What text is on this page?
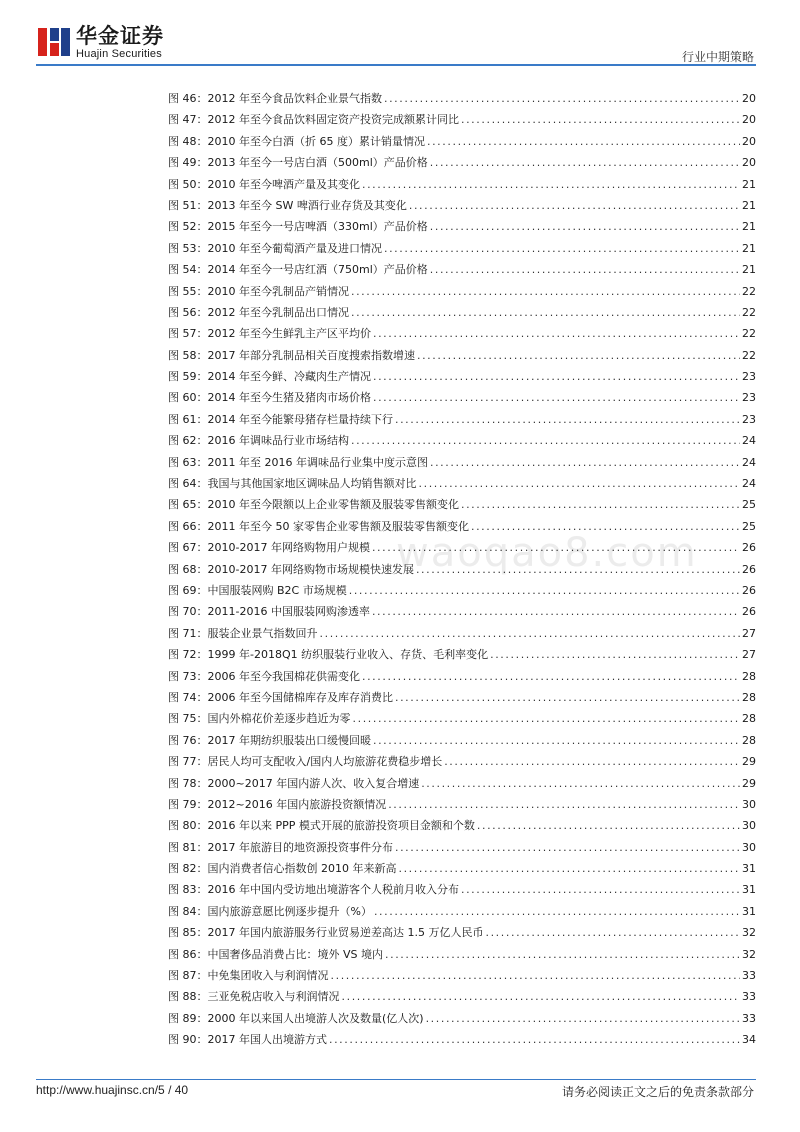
华金证券
Huajin Securities	行业中期策略
waoqao8.com
图 46：2012 年至今食品饮料企业景气指数 .....	20
图 47：2012 年至今食品饮料固定资产投资完成额累计同比 .....	20
图 48：2010 年至今白酒（折 65 度）累计销量情况 .....	20
图 49：2013 年至今一号店白酒（500ml）产品价格 .....	20
图 50：2010 年至今啤酒产量及其变化 .....	21
图 51：2013 年至今 SW 啤酒行业存货及其变化 .....	21
图 52：2015 年至今一号店啤酒（330ml）产品价格 .....	21
图 53：2010 年至今葡萄酒产量及进口情况 .....	21
图 54：2014 年至今一号店红酒（750ml）产品价格 .....	21
图 55：2010 年至今乳制品产销情况 .....	22
图 56：2012 年至今乳制品出口情况 .....	22
图 57：2012 年至今生鲜乳主产区平均价 .....	22
图 58：2017 年部分乳制品相关百度搜索指数增速 .....	22
图 59：2014 年至今鲜、冷藏肉生产情况 .....	23
图 60：2014 年至今生猪及猪肉市场价格 .....	23
图 61：2014 年至今能繁母猪存栏量持续下行 .....	23
图 62：2016 年调味品行业市场结构 .....	24
图 63：2011 年至 2016 年调味品行业集中度示意图 .....	24
图 64：我国与其他国家地区调味品人均销售额对比 .....	24
图 65：2010 年至今限额以上企业零售额及服装零售额变化 .....	25
图 66：2011 年至今 50 家零售企业零售额及服装零售额变化 .....	25
图 67：2010-2017 年网络购物用户规模 .....	26
图 68：2010-2017 年网络购物市场规模快速发展 .....	26
图 69：中国服装网购 B2C 市场规模 .....	26
图 70：2011-2016 中国服装网购渗透率 .....	26
图 71：服装企业景气指数回升 .....	27
图 72：1999 年-2018Q1 纺织服装行业收入、存货、毛利率变化 .....	27
图 73：2006 年至今我国棉花供需变化 .....	28
图 74：2006 年至今国储棉库存及库存消费比 .....	28
图 75：国内外棉花价差逐步趋近为零 .....	28
图 76：2017 年期纺织服装出口缓慢回暖 .....	28
图 77：居民人均可支配收入/国内人均旅游花费稳步增长 .....	29
图 78：2000~2017 年国内游人次、收入复合增速 .....	29
图 79：2012~2016 年国内旅游投资额情况 .....	30
图 80：2016 年以来 PPP 模式开展的旅游投资项目金额和个数 .....	30
图 81：2017 年旅游目的地资源投资事件分布 .....	30
图 82：国内消费者信心指数创 2010 年来新高 .....	31
图 83：2016 年中国内受访地出境游客个人税前月收入分布 .....	31
图 84：国内旅游意愿比例逐步提升（%） .....	31
图 85：2017 年国内旅游服务行业贸易逆差高达 1.5 万亿人民币 .....	32
图 86：中国奢侈品消费占比：境外 VS 境内 .....	32
图 87：中免集团收入与利润情况 .....	33
图 88：三亚免税店收入与利润情况 .....	33
图 89：2000 年以来国人出境游人次及数量(亿人次) .....	33
图 90：2017 年国人出境游方式 .....	34
http://www.huajinsc.cn/5 / 40	请务必阅读正文之后的免责条款部分
